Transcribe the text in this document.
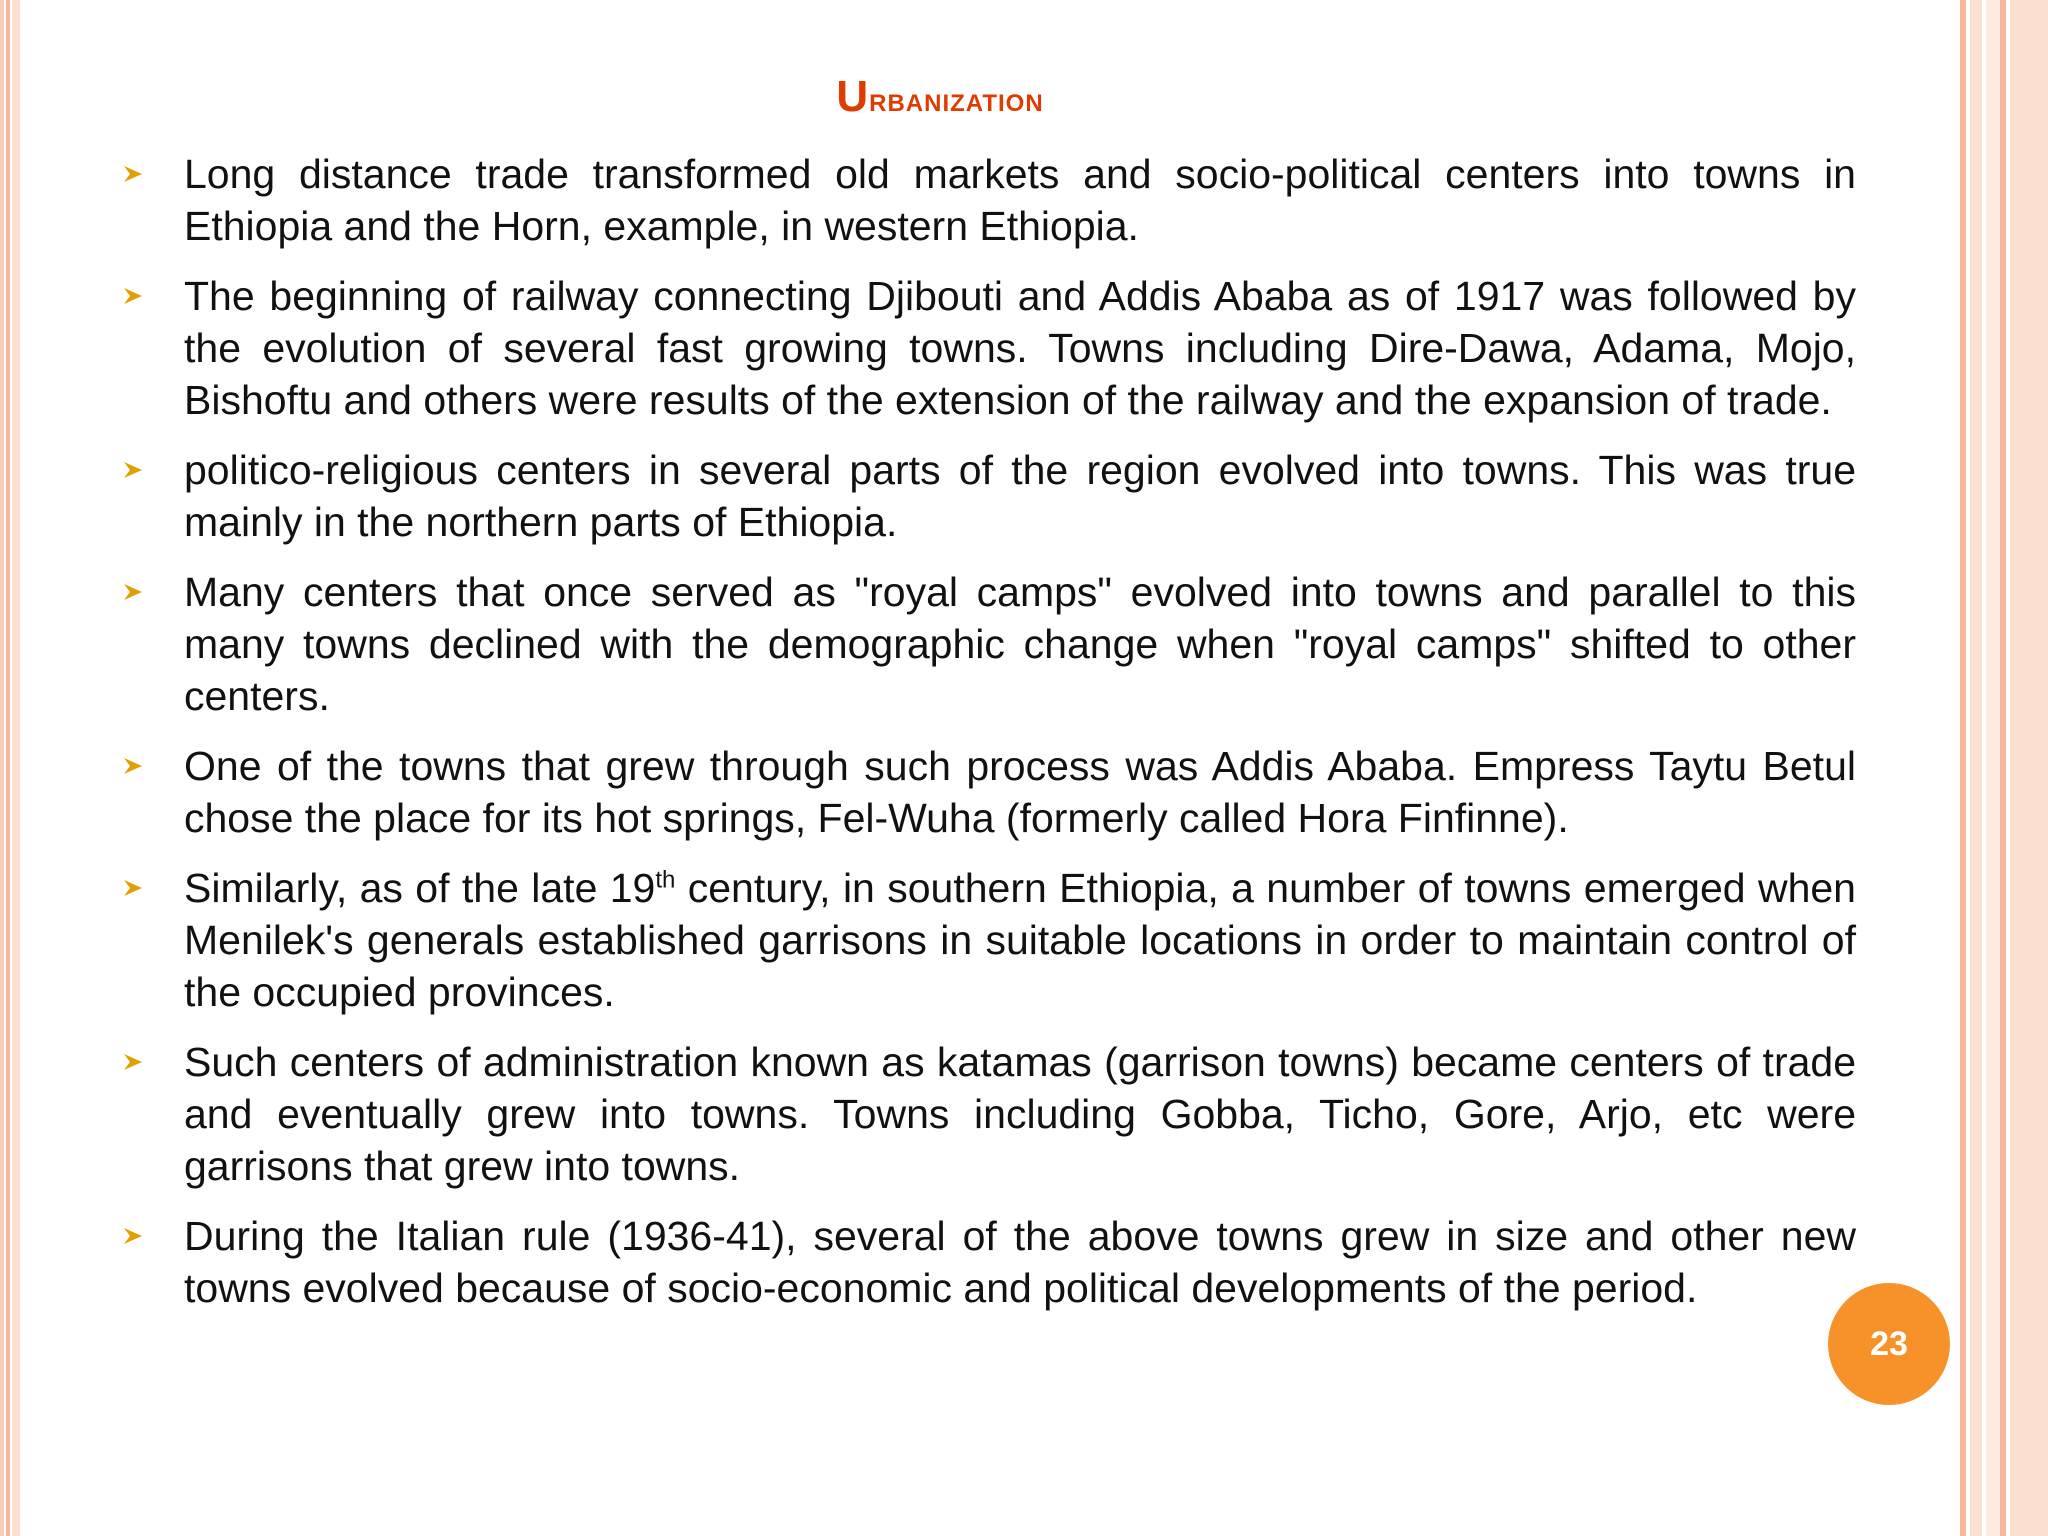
Urbanization
Long distance trade transformed old markets and socio-political centers into towns in Ethiopia and the Horn, example, in western Ethiopia.
The beginning of railway connecting Djibouti and Addis Ababa as of 1917 was followed by the evolution of several fast growing towns. Towns including Dire-Dawa, Adama, Mojo, Bishoftu and others were results of the extension of the railway and the expansion of trade.
politico-religious centers in several parts of the region evolved into towns. This was true mainly in the northern parts of Ethiopia.
Many centers that once served as "royal camps" evolved into towns and parallel to this many towns declined with the demographic change when "royal camps" shifted to other centers.
One of the towns that grew through such process was Addis Ababa. Empress Taytu Betul chose the place for its hot springs, Fel-Wuha (formerly called Hora Finfinne).
Similarly, as of the late 19th century, in southern Ethiopia, a number of towns emerged when Menilek's generals established garrisons in suitable locations in order to maintain control of the occupied provinces.
Such centers of administration known as katamas (garrison towns) became centers of trade and eventually grew into towns. Towns including Gobba, Ticho, Gore, Arjo, etc were garrisons that grew into towns.
During the Italian rule (1936-41), several of the above towns grew in size and other new towns evolved because of socio-economic and political developments of the period.
23
